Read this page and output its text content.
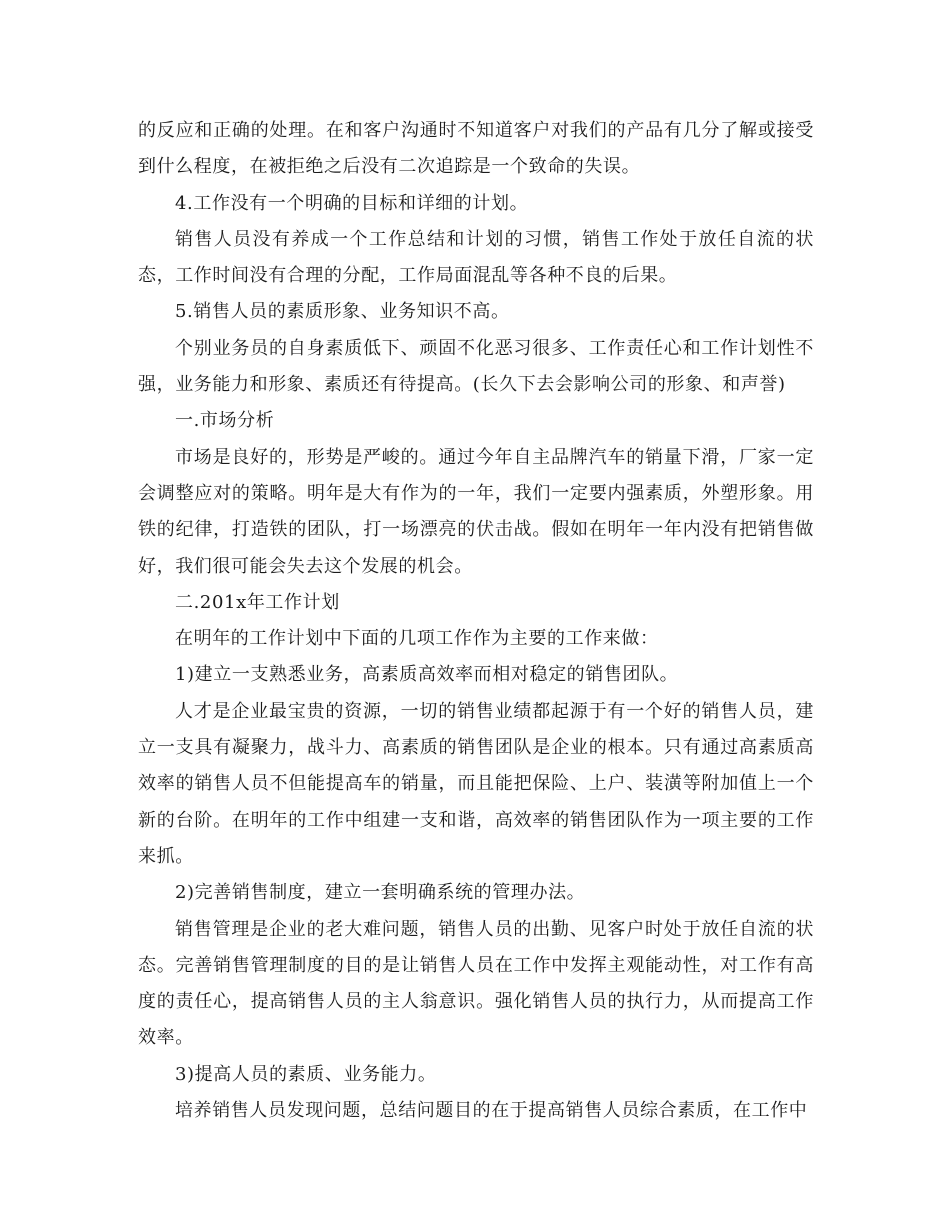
的反应和正确的处理。在和客户沟通时不知道客户对我们的产品有几分了解或接受到什么程度，在被拒绝之后没有二次追踪是一个致命的失误。

4.工作没有一个明确的目标和详细的计划。

销售人员没有养成一个工作总结和计划的习惯，销售工作处于放任自流的状态，工作时间没有合理的分配，工作局面混乱等各种不良的后果。

5.销售人员的素质形象、业务知识不高。

个别业务员的自身素质低下、顽固不化恶习很多、工作责任心和工作计划性不强，业务能力和形象、素质还有待提高。(长久下去会影响公司的形象、和声誉)

一.市场分析

市场是良好的，形势是严峻的。通过今年自主品牌汽车的销量下滑，厂家一定会调整应对的策略。明年是大有作为的一年，我们一定要内强素质，外塑形象。用铁的纪律，打造铁的团队，打一场漂亮的伏击战。假如在明年一年内没有把销售做好，我们很可能会失去这个发展的机会。

二.201x年工作计划

在明年的工作计划中下面的几项工作作为主要的工作来做：

1)建立一支熟悉业务，高素质高效率而相对稳定的销售团队。

人才是企业最宝贵的资源，一切的销售业绩都起源于有一个好的销售人员，建立一支具有凝聚力，战斗力、高素质的销售团队是企业的根本。只有通过高素质高效率的销售人员不但能提高车的销量，而且能把保险、上户、装潢等附加值上一个新的台阶。在明年的工作中组建一支和谐，高效率的销售团队作为一项主要的工作来抓。

2)完善销售制度，建立一套明确系统的管理办法。

销售管理是企业的老大难问题，销售人员的出勤、见客户时处于放任自流的状态。完善销售管理制度的目的是让销售人员在工作中发挥主观能动性，对工作有高度的责任心，提高销售人员的主人翁意识。强化销售人员的执行力，从而提高工作效率。

3)提高人员的素质、业务能力。

培养销售人员发现问题，总结问题目的在于提高销售人员综合素质，在工作中
